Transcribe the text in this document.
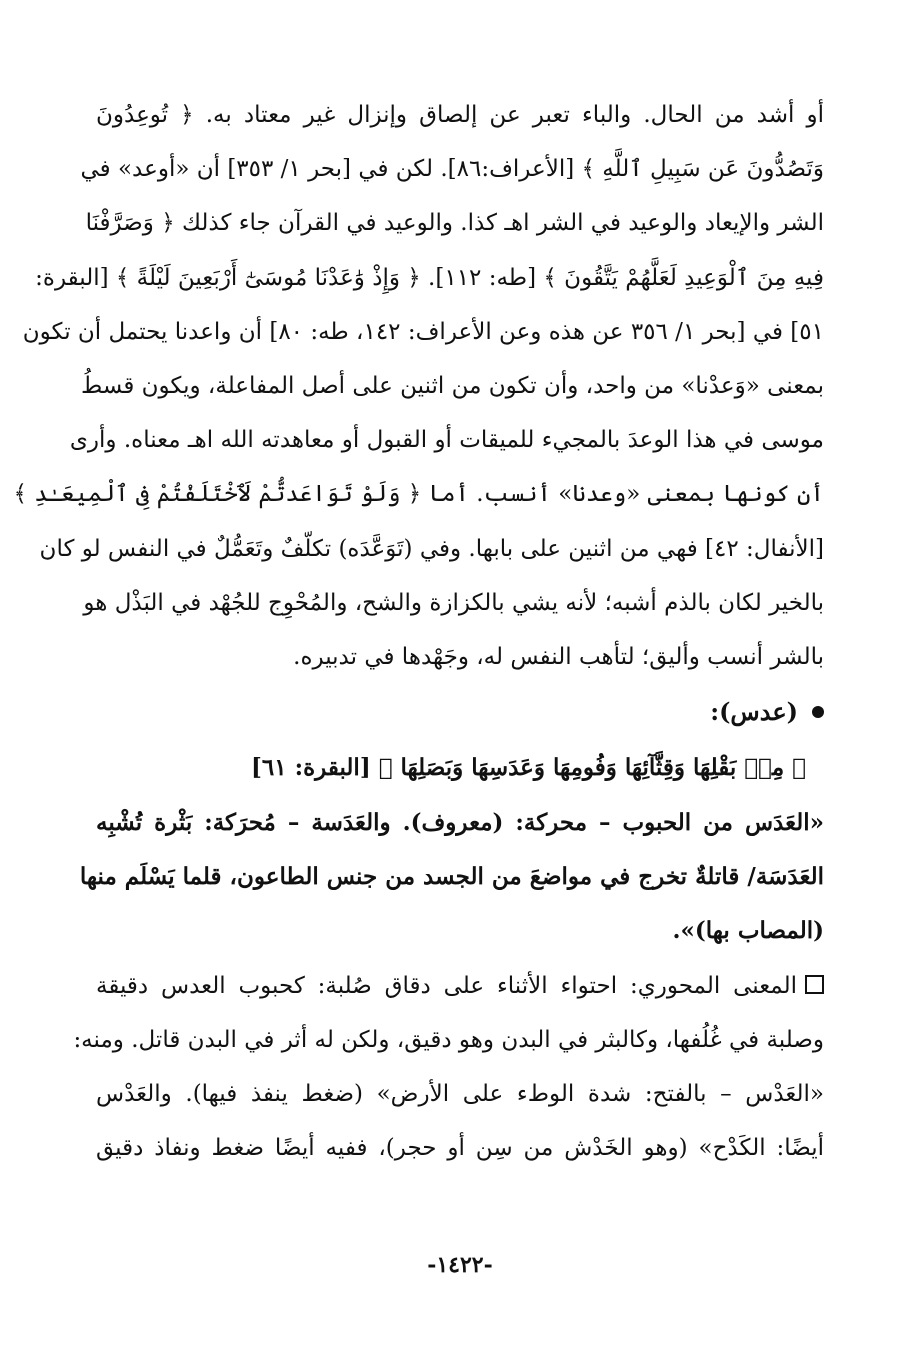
أو أشد من الحال. والباء تعبر عن إلصاق وإنزال غير معتاد به. ﴿ تُوعِدُونَ
وَتَصُدُّونَ عَن سَبِيلِ ٱللَّهِ ﴾ [الأعراف:٨٦]. لكن في [بحر ١/ ٣٥٣] أن «أوعد» في
الشر والإيعاد والوعيد في الشر اهـ كذا. والوعيد في القرآن جاء كذلك ﴿ وَصَرَّفْنَا
فِيهِ مِنَ ٱلْوَعِيدِ لَعَلَّهُمْ يَتَّقُونَ ﴾ [طه: ١١٢]. ﴿ وَإِذْ وَٰعَدْنَا مُوسَىٰٓ أَرْبَعِينَ لَيْلَةً ﴾ [البقرة:
٥١] في [بحر ١/ ٣٥٦ عن هذه وعن الأعراف: ١٤٢، طه: ٨٠] أن واعدنا يحتمل أن تكون
بمعنى «وَعدْنا» من واحد، وأن تكون من اثنين على أصل المفاعلة، ويكون قسطُ
موسى في هذا الوعدَ بالمجيء للميقات أو القبول أو معاهدته الله اهـ معناه. وأرى
أن كونها بمعنى «وعدنا» أنسب. أما ﴿ وَلَوْ تَوَاعَدتُّمْ لَٱخْتَلَفْتُمْ فِى ٱلْمِيعَـٰدِ ﴾
[الأنفال: ٤٢] فهي من اثنين على بابها. وفي (تَوَعَّدَه) تكلّفٌ وتَعَمُّلٌ في النفس لو كان
بالخير لكان بالذم أشبه؛ لأنه يشي بالكزازة والشح، والمُحْوِج للجُهْد في البَذْل هو
بالشر أنسب وأليق؛ لتأهب النفس له، وجَهْدها في تدبيره.
(عدس):
﴿ مِنۢ بَقْلِهَا وَقِثَّآئِهَا وَفُومِهَا وَعَدَسِهَا وَبَصَلِهَا ﴾ [البقرة: ٦١]
«العَدَس من الحبوب – محركة: (معروف). والعَدَسة – مُحرَكة: بَثْرة تُشْبِه
العَدَسَة/ قاتلةٌ تخرج في مواضعَ من الجسد من جنس الطاعون، قلما يَسْلَم منها
(المصاب بها)».
المعنى المحوري: احتواء الأثناء على دقاق صُلبة: كحبوب العدس دقيقة
وصلبة في غُلُفها، وكالبثر في البدن وهو دقيق، ولكن له أثر في البدن قاتل. ومنه:
«العَدْس – بالفتح: شدة الوطء على الأرض» (ضغط ينفذ فيها). والعَدْس
أيضًا: الكَدْح» (وهو الخَدْش من سِن أو حجر)، ففيه أيضًا ضغط ونفاذ دقيق
-١٤٢٢-
